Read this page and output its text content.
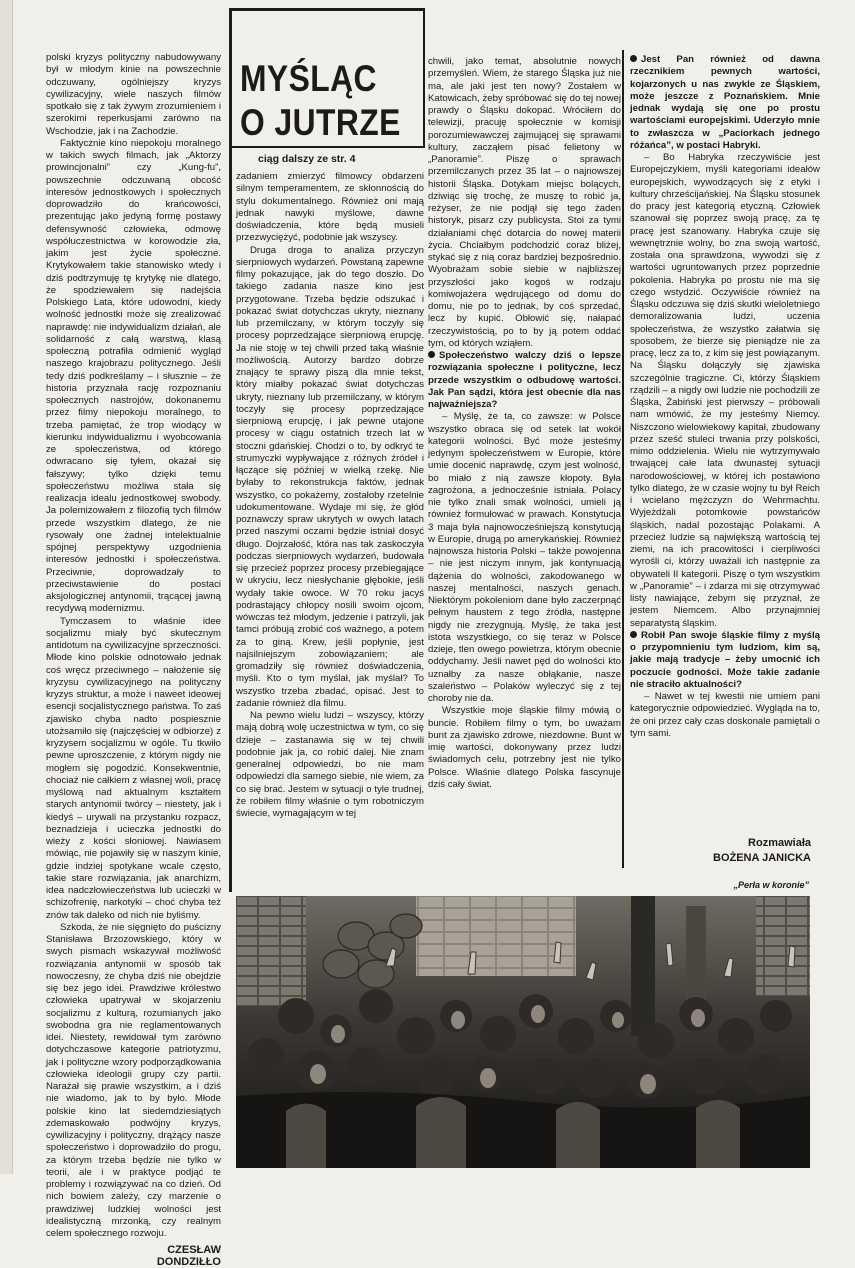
polski kryzys polityczny nabudowywany był w młodym kinie na powszechnie odczuwany, ogólniejszy kryzys cywilizacyjny, wiele naszych filmów spotkało się z tak żywym zrozumieniem i szerokimi reperkusjami zarówno na Wschodzie, jak i na Zachodzie.

Faktycznie kino niepokoju moralnego w takich swych filmach, jak „Aktorzy prowincjonalni” czy „Kung-fu”, powszechnie odczuwaną obcość interesów jednostkowych i społecznych doprowadziło do krańcowości, prezentując jako jedyną formę postawy defensywność człowieka, odmowę współuczestnictwa w korowodzie zła, jakim jest życie społeczne. Krytykowałem takie stanowisko wtedy i dziś podtrzymuję tę krytykę nie dlatego, że spodziewałem się nadejścia Polskiego Lata, które udowodni, kiedy wolność jednostki może się zrealizować naprawdę: nie indywidualizm działań, ale solidarność z całą warstwą, klasą społeczną potrafiła odmienić wygląd naszego krajobrazu politycznego. Jeśli tedy dziś podkreślamy – i słusznie – że historia przyznała rację rozpoznaniu społecznych nastrojów, dokonanemu przez filmy niepokoju moralnego, to trzeba pamiętać, że trop wiodący w kierunku indywidualizmu i wyobcowania ze społeczeństwa, od którego odwracano się tyłem, okazał się fałszywy; tylko dzięki temu społeczeństwu możliwa stała się realizacja idealu jednostkowej swobody. Ja polemizowałem z filozofią tych filmów przede wszystkim dlatego, że nie rysowały one żadnej intelektualnie spójnej perspektywy uzgodnienia interesów jednostki i społeczeństwa. Przeciwnie, doprowadzały to przeciwstawienie do postaci aksjologicznej antynomii, trącącej jawną recydywą modernizmu.

Tymczasem to właśnie idee socjalizmu miały być skutecznym antidotum na cywilizacyjne sprzeczności. Młode kino polskie odnotowało jednak coś wręcz przeciwnego – nałożenie się kryzysu cywilizacyjnego na polityczny kryzys struktur, a może i naweet ideowej esencji socjalistycznego państwa. To zaś zjawisko chyba nadto pospiesznie utożsamiło się (najczęściej w odbiorze) z kryzysem socjalizmu w ogóle. Tu tkwiło pewne uproszczenie, z którym nigdy nie mogłem się pogodzić. Konsekwentnie, chociaż nie całkiem z własnej woli, pracę myślową nad aktualnym kształtem starych antynomii twórcy – niestety, jak i kiedyś – urywali na przystanku rozpacz, beznadzieja i ucieczka jednostki do wieży z kości słoniowej. Nawiasem mówiąc, nie pojawiły się w naszym kinie, gdzie indziej spotykane wcale często, takie stare rozwiązania, jak anarchizm, idea nadczłowieczeństwa lub ucieczki w schizofrenię, narkotyki – choć chyba też znów tak daleko od nich nie byliśmy.

Szkoda, że nie sięgnięto do puścizny Stanisława Brzozowskiego, który w swych pismach wskazywał możliwość rozwiązania antynomii w sposób tak nowoczesny, że chyba dziś nie obejdzie się bez jego idei. Prawdziwe królestwo człowieka upatrywał w skojarzeniu socjalizmu z kulturą, rozumianych jako swobodna gra nie reglamentowanych idei. Niestety, rewidował tym zarówno dotychczasowe kategorie patriotyzmu, jak i polityczne wzory podporządkowania człowieka ideologii grupy czy partii. Narażał się prawie wszystkim, a i dziś nie wiadomo, jak to by było. Młode polskie kino lat siedemdziesiątych zdemaskowało podwójny kryzys, cywilizacyjny i polityczny, drążący nasze społeczeństwo i doprowadziło do progu, za którym trzeba będzie nie tylko w teorii, ale i w praktyce podjąć te problemy i rozwiązywać na co dzień. Od nich bowiem zależy, czy marzenie o prawdziwej ludzkiej wolności jest idealistyczną mrzonką, czy realnym celem społecznego rozwoju.

CZESŁAW
DONDZIŁŁO
MYŚLĄC
O JUTRZE
ciąg dalszy ze str. 4

zadaniem zmierzyć filmowcy obdarzeni silnym temperamentem, ze skłonnością do stylu dokumentalnego. Również oni mają jednak nawyki myślowe, dawne doświadczenia, które będą musieli przezwyciężyć, podobnie jak wszyscy.

Druga droga to analiza przyczyn sierpniowych wydarzeń. Powstaną zapewne filmy pokazujące, jak do tego doszło. Do takiego zadania nasze kino jest przygotowane. Trzeba będzie odszukać i pokazać świat dotychczas ukryty, nieznany lub przemilczany, w którym toczyły się procesy poprzedzające sierpniową erupcję. Ja nie stoję w tej chwili przed taką właśnie możliwością. Autorzy bardzo dobrze znający te sprawy piszą dla mnie tekst, który miałby pokazać świat dotychczas ukryty, nieznany lub przemilczany, w którym toczyły się procesy poprzedzające sierpniową erupcję, i jak pewne utajone procesy w ciągu ostatnich trzech lat w stoczni gdańskiej. Chodzi o to, by odkryć te strumyczki wypływające z różnych źródeł i łączące się później w wielką rzekę. Nie byłaby to rekonstrukcja faktów, jednak wszystko, co pokażemy, zostałoby rzetelnie udokumentowane. Wydaje mi się, że głód poznawczy spraw ukrytych w owych latach przed naszymi oczami będzie istniał dosyć długo. Dojrzałość, która nas tak zaskoczyła podczas sierpniowych wydarzeń, budowała się przecież poprzez procesy przebiegające w ukryciu, lecz niesłychanie głębokie, jeśli wydały takie owoce. W 70 roku jacyś podrastający chłopcy nosili swoim ojcom, wówczas też młodym, jedzenie i patrzyli, jak tamci próbują zrobić coś ważnego, a potem za to giną. Krew, jeśli popłynie, jest najsilniejszym zobowiązaniem; ale gromadziły się również doświadczenia, myśli. Kto o tym myślał, jak myślał? To wszystko trzeba zbadać, opisać. Jest to zadanie również dla filmu.

Na pewno wielu ludzi – wszyscy, którzy mają dobrą wolę uczestnictwa w tym, co się dzieje – zastanawia się w tej chwili podobnie jak ja, co robić dalej. Nie znam generalnej odpowiedzi, bo nie mam odpowiedzi dla samego siebie, nie wiem, za co się brać. Jestem w sytuacji o tyle trudnej, że robiłem filmy właśnie o tym robotniczym świecie, wymagającym w tej

chwili, jako temat, absolutnie nowych przemyśleń. Wiem, że starego Śląska już nie ma, ale jaki jest ten nowy? Zostałem w Katowicach, żeby spróbować się do tej nowej prawdy o Śląsku dokopać. Wróciłem do telewizji, pracuję społecznie w komisji porozumiewawczej zajmującej się sprawami kultury, zacząłem pisać felietony w „Panoramie”. Piszę o sprawach przemilczanych przez 35 lat – o najnowszej historii Śląska. Dotykam miejsc bolących, dziwiąc się trochę, że muszę to robić ja, reżyser, że nie podjął się tego żaden historyk, pisarz czy publicysta. Stoi za tymi działaniami chęć dotarcia do nowej materii życia. Chciałbym podchodzić coraz bliżej, stykać się z nią coraz bardziej bezpośrednio. Wyobrażam sobie siebie w najbliższej przyszłości jako kogoś w rodzaju komiwojażera wędrującego od domu do domu, nie po to jednak, by coś sprzedać, lecz by kupić. Obłowić się, nałapać rzeczywistością, po to by ją potem oddać tym, od których wziąłem.

Społeczeństwo walczy dziś o lepsze rozwiązania społeczne i polityczne, lecz przede wszystkim o odbudowę wartości. Jak Pan sądzi, która jest obecnie dla nas najważniejsza?

– Myślę, że ta, co zawsze: w Polsce wszystko obraca się od setek lat wokół kategorii wolności. Być może jesteśmy jedynym społeczeństwem w Europie, które umie docenić naprawdę, czym jest wolność, bo miało z nią zawsze kłopoty. Była zagrożona, a jednocześnie istniała. Polacy nie tylko znali smak wolności, umieli ją również formułować w prawach. Konstytucja 3 maja była najnowocześniejszą konstytucją w Europie, drugą po amerykańskiej. Również najnowsza historia Polski – także powojenna – nie jest niczym innym, jak kontynuacją dążenia do wolności, zakodowanego w naszej mentalności, naszych genach. Niektórym pokoleniom dane było zaczerpnąć pełnym haustem z tego źródła, następne nigdy nie zrezygnują. Myślę, że taka jest istota wszystkiego, co się teraz w Polsce dzieje, tlen owego powietrza, którym obecnie oddychamy. Jeśli nawet pęd do wolności kto uznałby za nasze obłąkanie, nasze szaleństwo – Polaków wyleczyć się z tej choroby nie da.

Wszystkie moje śląskie filmy mówią o buncie. Robiłem filmy o tym, bo uważam bunt za zjawisko zdrowe, niezdowne. Bunt w imię wartości, dokonywany przez ludzi świadomych celu, potrzebny jest nie tylko Polsce. Właśnie dlatego Polska fascynuje dziś cały świat.

Jest Pan również od dawna rzecznikiem pewnych wartości, kojarzonych u nas zwykle ze Śląskiem, może jeszcze z Poznańskiem. Mnie jednak wydają się one po prostu wartościami europejskimi. Uderzyło mnie to zwłaszcza w „Paciorkach jednego różańca”, w postaci Habryki.

– Bo Habryka rzeczywiście jest Europejczykiem, myśli kategoriami ideałów europejskich, wywodzących się z etyki i kultury chrześcijańskiej. Na Śląsku stosunek do pracy jest kategorią etyczną. Człowiek szanował się poprzez swoją pracę, za tę pracę jest szanowany. Habryka czuje się wewnętrznie wolny, bo zna swoją wartość, została ona sprawdzona, wywodzi się z wartości ugruntowanych przez poprzednie pokolenia. Habryka po prostu nie ma się czego wstydzić. Oczywiście również na Śląsku odczuwa się dziś skutki wieloletniego demoralizowania ludzi, uczenia społeczeństwa, że wszystko załatwia się sposobem, że bierze się pieniądze nie za pracę, lecz za to, z kim się jest powiązanym. Na Śląsku dołączyły się zjawiska szczególnie tragiczne. Ci, którzy Śląskiem rządzili – a nigdy owi ludzie nie pochodzili ze Śląska, Żabiński jest pierwszy – próbowali nam wmówić, że my jesteśmy Niemcy. Niszczono wielowiekowy kapitał, zbudowany przez sześć stuleci trwania przy polskości, mimo oddzielenia. Wielu nie wytrzymywało trwającej całe lata dwunastej sytuacji narodowościowej, w której ich postawiono tylko dlatego, że w czasie wojny tu był Reich i wcielano mężczyzn do Wehrmachtu. Wyjeżdżali potomkowie powstańców śląskich, nadal pozostając Polakami. A przecież ludzie są największą wartością tej ziemi, na ich pracowitości i cierpliwości wyrośli ci, którzy uważali ich następnie za obywateli II kategorii. Piszę o tym wszystkim w „Panoramie” – i zdarza mi się otrzymywać listy nawiające, żebym się przyznał, że jestem Niemcem. Albo przynajmniej separatystą śląskim.

Robił Pan swoje śląskie filmy z myślą o przypomnieniu tym ludziom, kim są, jakie mają tradycje – żeby umocnić ich poczucie godności. Może takie zadanie nie straciło aktualności?

– Nawet w tej kwestii nie umiem pani kategorycznie odpowiedzieć. Wygląda na to, że oni przez cały czas doskonale pamiętali o tym sami.

Rozmawiała
BOŻENA JANICKA
„Perła w koronie”
